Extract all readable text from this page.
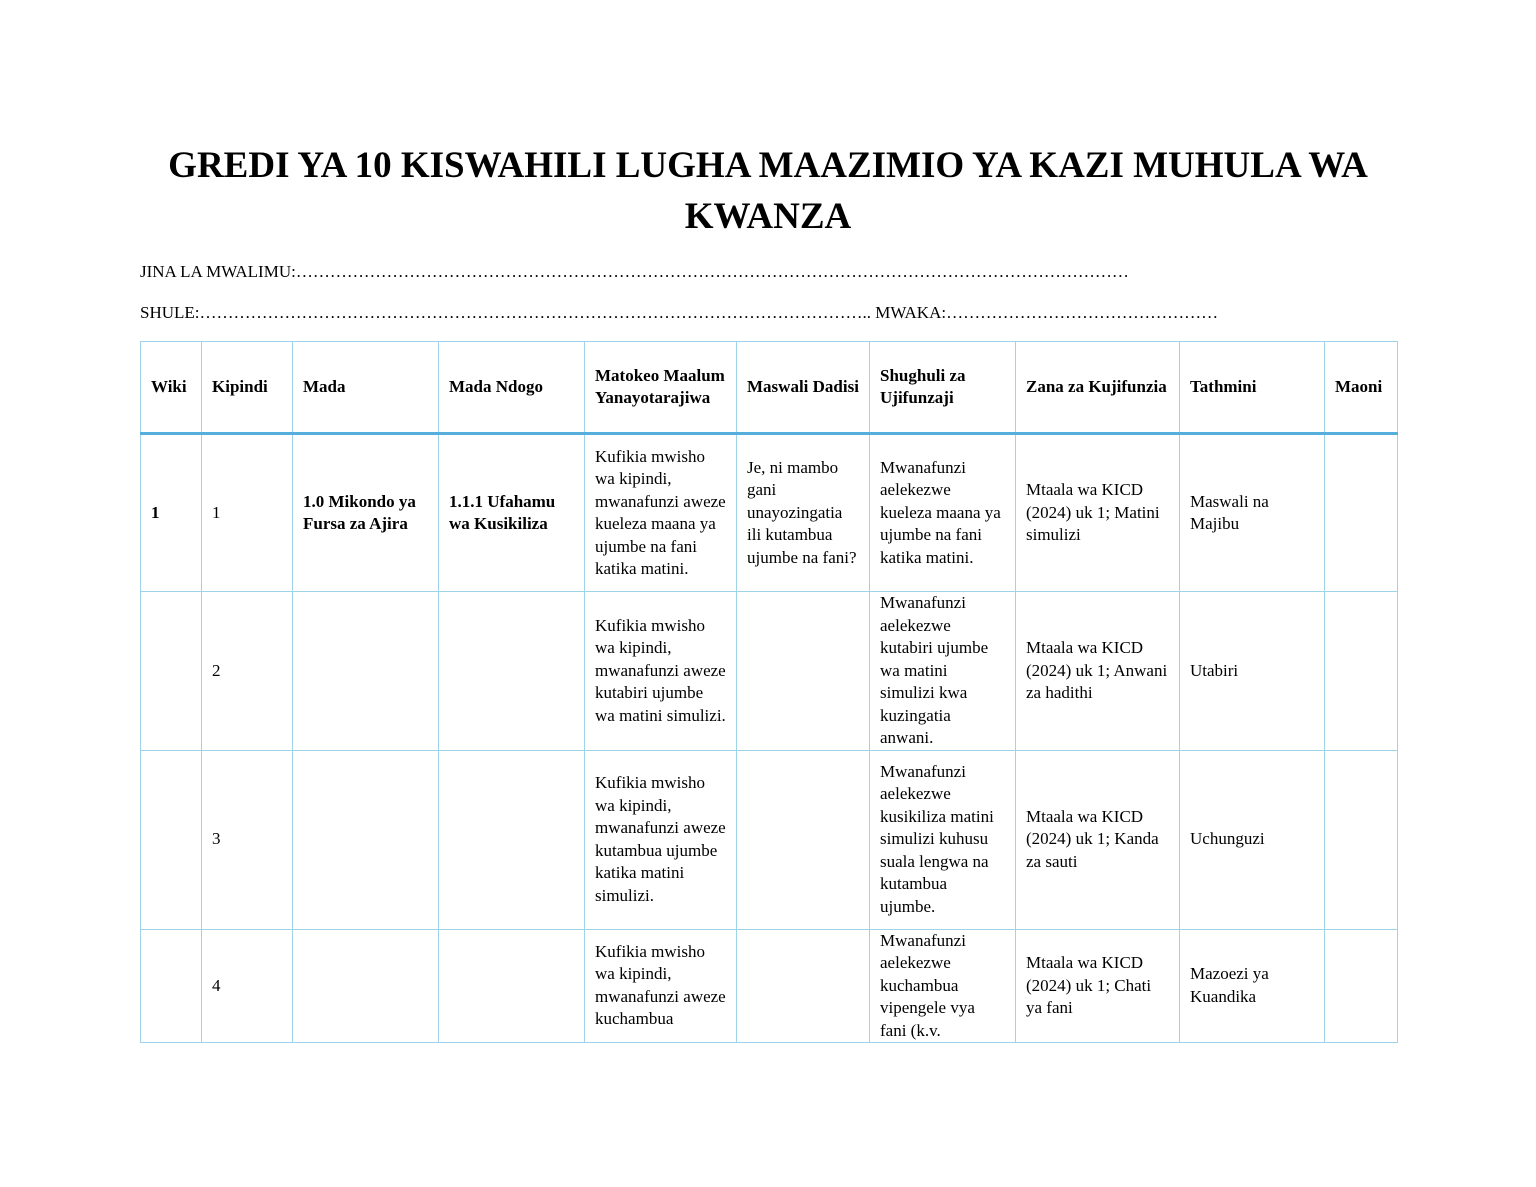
GREDI YA 10 KISWAHILI LUGHA MAAZIMIO YA KAZI MUHULA WA KWANZA
JINA LA MWALIMU:…………………………………………………………………………………………………………………………………
SHULE:……………………………………………………………………………………………………….. MWAKA:…………………………………………
Wiki	Kipindi	Mada	Mada Ndogo	Matokeo Maalum Yanayotarajiwa	Maswali Dadisi	Shughuli za Ujifunzaji	Zana za Kujifunzia	Tathmini	Maoni
1	1	1.0 Mikondo ya Fursa za Ajira	1.1.1 Ufahamu wa Kusikiliza	Kufikia mwisho wa kipindi, mwanafunzi aweze kueleza maana ya ujumbe na fani katika matini.	Je, ni mambo gani unayozingatia ili kutambua ujumbe na fani?	Mwanafunzi aelekezwe kueleza maana ya ujumbe na fani katika matini.	Mtaala wa KICD (2024) uk 1; Matini simulizi	Maswali na Majibu	
	2			Kufikia mwisho wa kipindi, mwanafunzi aweze kutabiri ujumbe wa matini simulizi.		Mwanafunzi aelekezwe kutabiri ujumbe wa matini simulizi kwa kuzingatia anwani.	Mtaala wa KICD (2024) uk 1; Anwani za hadithi	Utabiri	
	3			Kufikia mwisho wa kipindi, mwanafunzi aweze kutambua ujumbe katika matini simulizi.		Mwanafunzi aelekezwe kusikiliza matini simulizi kuhusu suala lengwa na kutambua ujumbe.	Mtaala wa KICD (2024) uk 1; Kanda za sauti	Uchunguzi	
	4			Kufikia mwisho wa kipindi, mwanafunzi aweze kuchambua		Mwanafunzi aelekezwe kuchambua vipengele vya fani (k.v.	Mtaala wa KICD (2024) uk 1; Chati ya fani	Mazoezi ya Kuandika	
